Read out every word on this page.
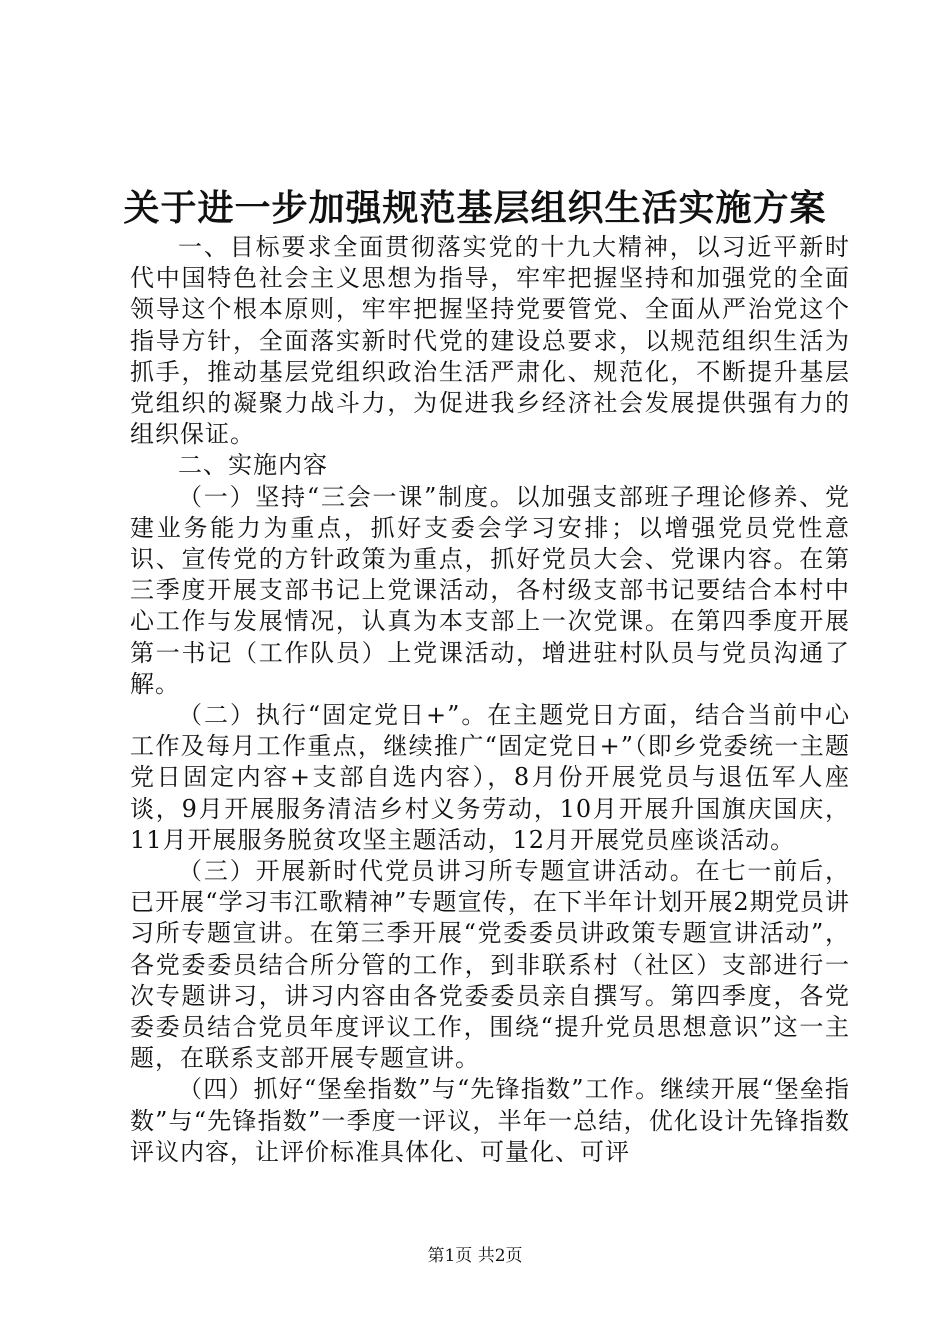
关于进一步加强规范基层组织生活实施方案

一、目标要求全面贯彻落实党的十九大精神，以习近平新时代中国特色社会主义思想为指导，牢牢把握坚持和加强党的全面领导这个根本原则，牢牢把握坚持党要管党、全面从严治党这个指导方针，全面落实新时代党的建设总要求，以规范组织生活为抓手，推动基层党组织政治生活严肃化、规范化，不断提升基层党组织的凝聚力战斗力，为促进我乡经济社会发展提供强有力的组织保证。

二、实施内容

（一）坚持“三会一课”制度。以加强支部班子理论修养、党建业务能力为重点，抓好支委会学习安排；以增强党员党性意识、宣传党的方针政策为重点，抓好党员大会、党课内容。在第三季度开展支部书记上党课活动，各村级支部书记要结合本村中心工作与发展情况，认真为本支部上一次党课。在第四季度开展第一书记（工作队员）上党课活动，增进驻村队员与党员沟通了解。

（二）执行“固定党日+”。在主题党日方面，结合当前中心工作及每月工作重点，继续推广“固定党日+”（即乡党委统一主题党日固定内容+支部自选内容），8月份开展党员与退伍军人座谈，9月开展服务清洁乡村义务劳动，10月开展升国旗庆国庆，11月开展服务脱贫攻坚主题活动，12月开展党员座谈活动。

（三）开展新时代党员讲习所专题宣讲活动。在七一前后，已开展“学习韦江歌精神”专题宣传，在下半年计划开展2期党员讲习所专题宣讲。在第三季开展“党委委员讲政策专题宣讲活动”，各党委委员结合所分管的工作，到非联系村（社区）支部进行一次专题讲习，讲习内容由各党委委员亲自撰写。第四季度，各党委委员结合党员年度评议工作，围绕“提升党员思想意识”这一主题，在联系支部开展专题宣讲。

（四）抓好“堡垒指数”与“先锋指数”工作。继续开展“堡垒指数”与“先锋指数”一季度一评议，半年一总结，优化设计先锋指数评议内容，让评价标准具体化、可量化、可评

第1页 共2页
